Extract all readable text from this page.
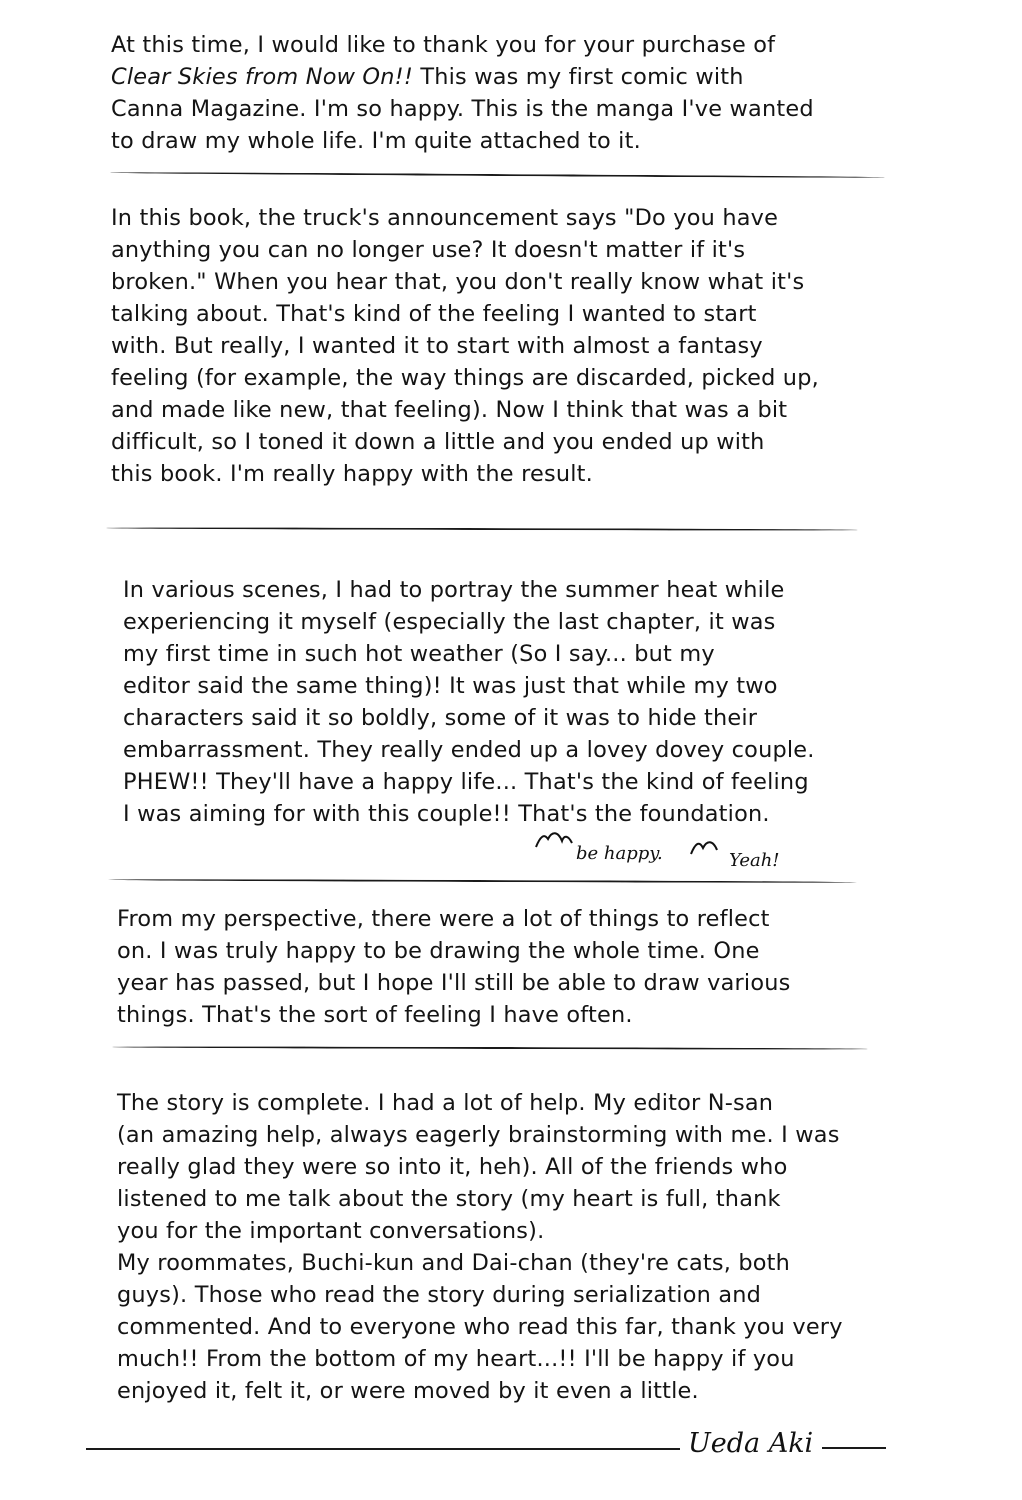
At this time, I would like to thank you for your purchase of

Clear Skies from Now On!! This was my first comic with

Canna Magazine. I'm so happy. This is the manga I've wanted

to draw my whole life. I'm quite attached to it.

In this book, the truck's announcement says "Do you have

anything you can no longer use? It doesn't matter if it's

broken." When you hear that, you don't really know what it's

talking about. That's kind of the feeling I wanted to start

with. But really, I wanted it to start with almost a fantasy

feeling (for example, the way things are discarded, picked up,

and made like new, that feeling). Now I think that was a bit

difficult, so I toned it down a little and you ended up with

this book. I'm really happy with the result.

In various scenes, I had to portray the summer heat while

experiencing it myself (especially the last chapter, it was

my first time in such hot weather (So I say... but my

editor said the same thing)! It was just that while my two

characters said it so boldly, some of it was to hide their

embarrassment. They really ended up a lovey dovey couple.

PHEW!! They'll have a happy life... That's the kind of feeling

I was aiming for with this couple!! That's the foundation.

be happy.	Yeah!

From my perspective, there were a lot of things to reflect

on. I was truly happy to be drawing the whole time. One

year has passed, but I hope I'll still be able to draw various

things. That's the sort of feeling I have often.

The story is complete. I had a lot of help. My editor N-san

(an amazing help, always eagerly brainstorming with me. I was

really glad they were so into it, heh). All of the friends who

listened to me talk about the story (my heart is full, thank

you for the important conversations).

My roommates, Buchi-kun and Dai-chan (they're cats, both

guys). Those who read the story during serialization and

commented. And to everyone who read this far, thank you very

much!! From the bottom of my heart...!! I'll be happy if you

enjoyed it, felt it, or were moved by it even a little.

Ueda Aki
